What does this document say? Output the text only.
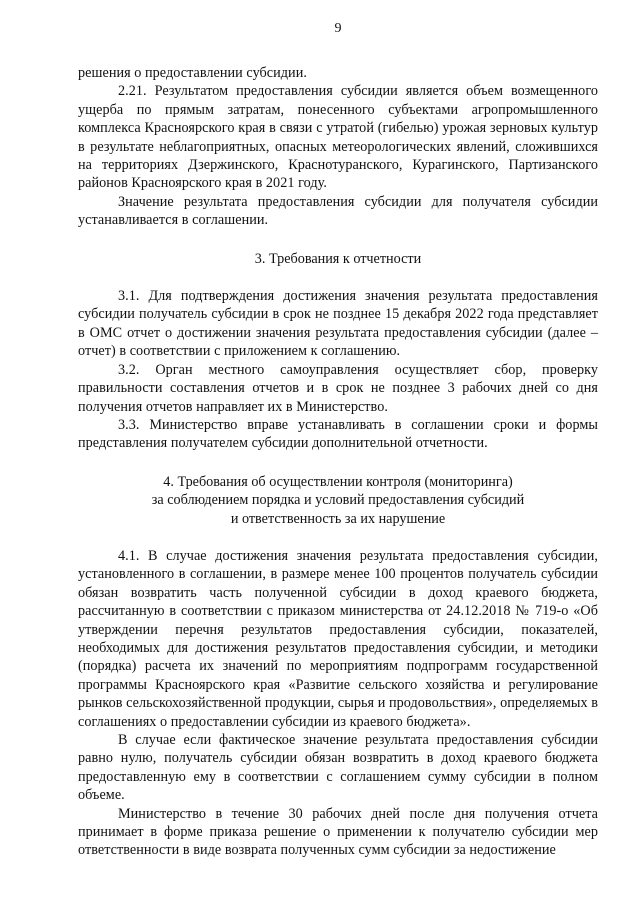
9

решения о предоставлении субсидии.

2.21. Результатом предоставления субсидии является объем возмещенного ущерба по прямым затратам, понесенного субъектами агропромышленного комплекса Красноярского края в связи с утратой (гибелью) урожая зерновых культур в результате неблагоприятных, опасных метеорологических явлений, сложившихся на территориях Дзержинского, Краснотуранского, Курагинского, Партизанского районов Красноярского края в 2021 году.

Значение результата предоставления субсидии для получателя субсидии устанавливается в соглашении.

3. Требования к отчетности

3.1. Для подтверждения достижения значения результата предоставления субсидии получатель субсидии в срок не позднее 15 декабря 2022 года представляет в ОМС отчет о достижении значения результата предоставления субсидии (далее – отчет) в соответствии с приложением к соглашению.

3.2. Орган местного самоуправления осуществляет сбор, проверку правильности составления отчетов и в срок не позднее 3 рабочих дней со дня получения отчетов направляет их в Министерство.

3.3. Министерство вправе устанавливать в соглашении сроки и формы представления получателем субсидии дополнительной отчетности.

4. Требования об осуществлении контроля (мониторинга)
за соблюдением порядка и условий предоставления субсидий
и ответственность за их нарушение

4.1. В случае достижения значения результата предоставления субсидии, установленного в соглашении, в размере менее 100 процентов получатель субсидии обязан возвратить часть полученной субсидии в доход краевого бюджета, рассчитанную в соответствии с приказом министерства от 24.12.2018 № 719-о «Об утверждении перечня результатов предоставления субсидии, показателей, необходимых для достижения результатов предоставления субсидии, и методики (порядка) расчета их значений по мероприятиям подпрограмм государственной программы Красноярского края «Развитие сельского хозяйства и регулирование рынков сельскохозяйственной продукции, сырья и продовольствия», определяемых в соглашениях о предоставлении субсидии из краевого бюджета».

В случае если фактическое значение результата предоставления субсидии равно нулю, получатель субсидии обязан возвратить в доход краевого бюджета предоставленную ему в соответствии с соглашением сумму субсидии в полном объеме.

Министерство в течение 30 рабочих дней после дня получения отчета принимает в форме приказа решение о применении к получателю субсидии мер ответственности в виде возврата полученных сумм субсидии за недостижение
